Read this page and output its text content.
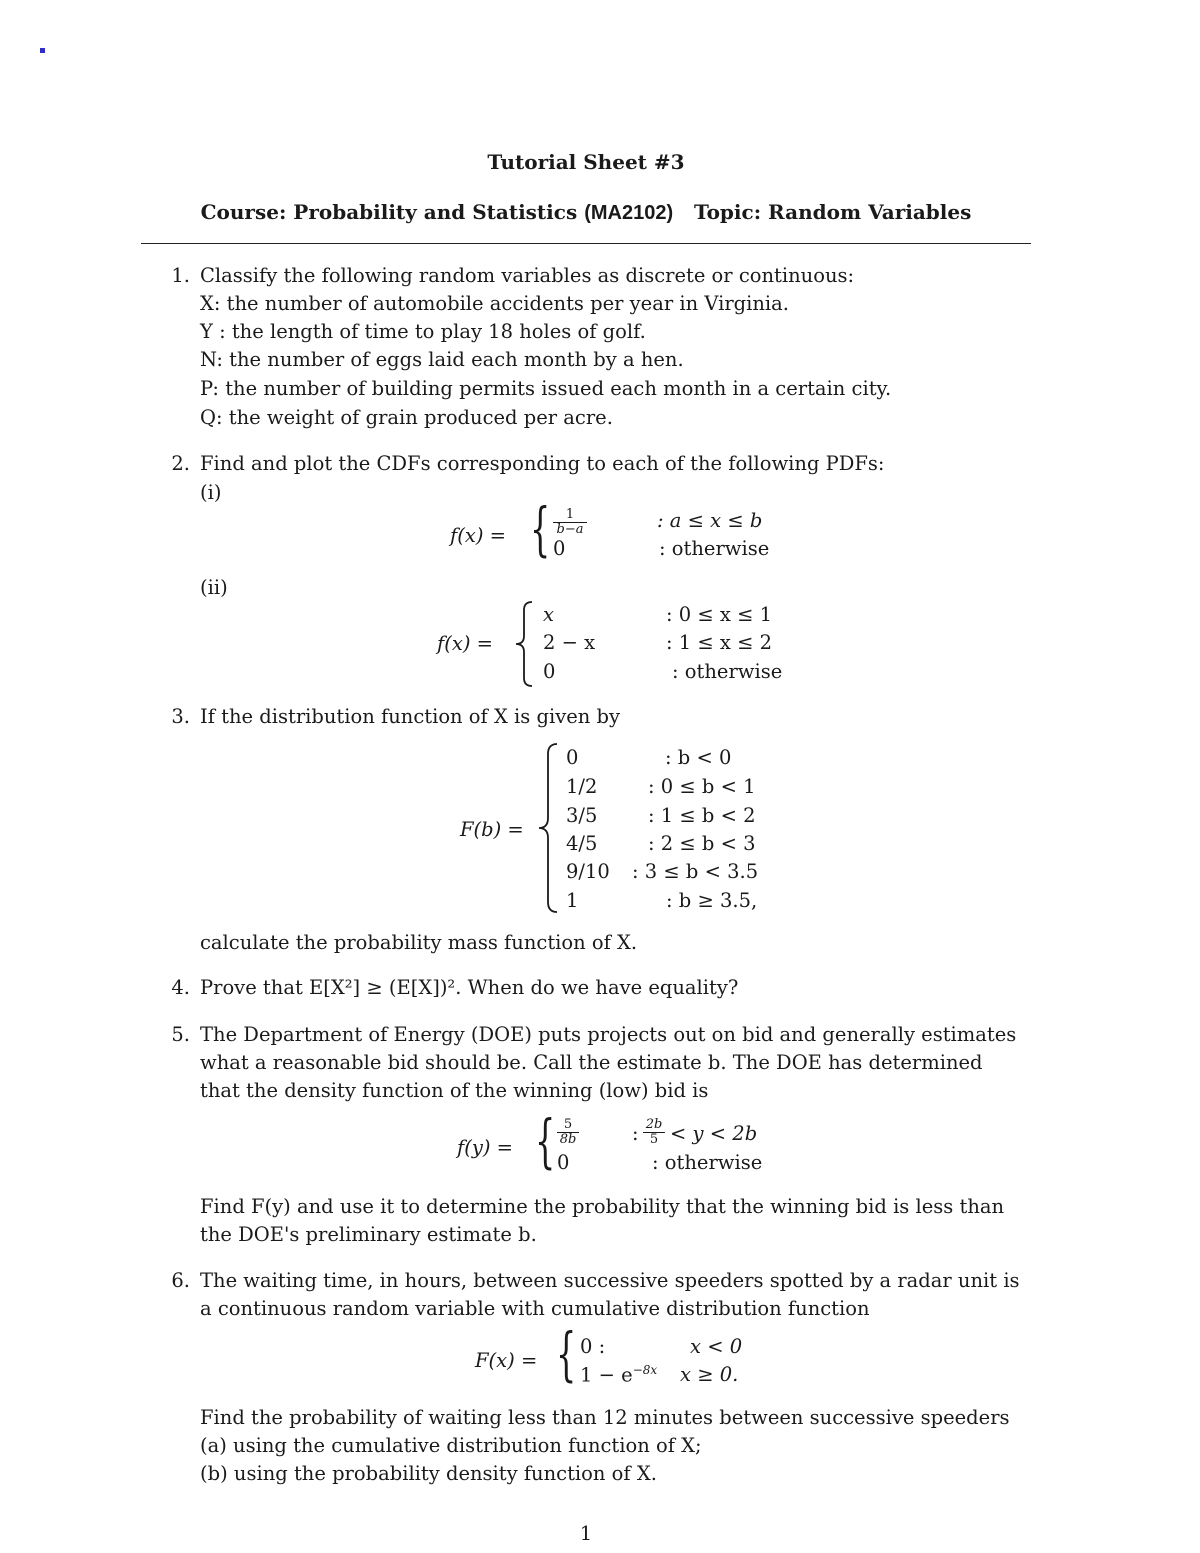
Tutorial Sheet #3
Course: Probability and Statistics (MA2102) Topic: Random Variables
1. Classify the following random variables as discrete or continuous:
X: the number of automobile accidents per year in Virginia.
Y : the length of time to play 18 holes of golf.
N: the number of eggs laid each month by a hen.
P: the number of building permits issued each month in a certain city.
Q: the weight of grain produced per acre.
2. Find and plot the CDFs corresponding to each of the following PDFs:
(i)
f(x) = { $\frac{1}{b-a}$	: a ≤ x ≤ b
0	: otherwise
(ii)
f(x) =
x	: 0 ≤ x ≤ 1
2 − x	: 1 ≤ x ≤ 2
0	: otherwise
3. If the distribution function of X is given by
F(b) =
0	: b < 0
1/2	: 0 ≤ b < 1
3/5	: 1 ≤ b < 2
4/5	: 2 ≤ b < 3
9/10 : 3 ≤ b < 3.5
1	: b ≥ 3.5,
calculate the probability mass function of X.
4. Prove that E[X²] ≥ (E[X])². When do we have equality?
5. The Department of Energy (DOE) puts projects out on bid and generally estimates
what a reasonable bid should be. Call the estimate b. The DOE has determined
that the density function of the winning (low) bid is
f(y) = { $\frac{5}{8b}$	: $\frac{2b}{5} < y < 2b$
0	: otherwise
Find F(y) and use it to determine the probability that the winning bid is less than
the DOE's preliminary estimate b.
6. The waiting time, in hours, between successive speeders spotted by a radar unit is
a continuous random variable with cumulative distribution function
F(x) = { 0 :	x < 0
$1 - e^{-8x}$ x ≥ 0.
Find the probability of waiting less than 12 minutes between successive speeders
(a) using the cumulative distribution function of X;
(b) using the probability density function of X.
1
